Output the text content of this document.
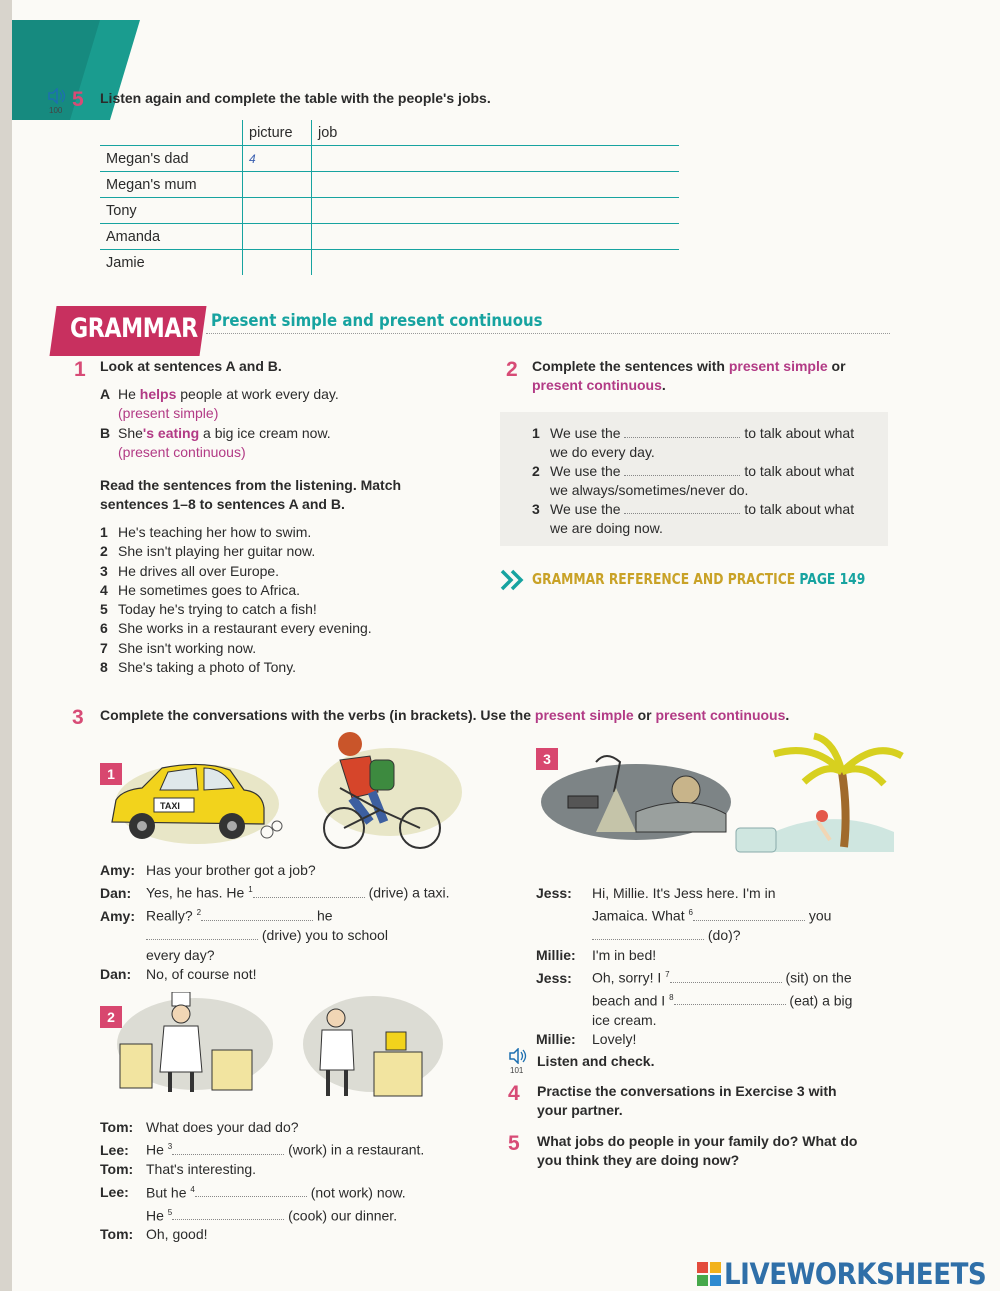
100 5 Listen again and complete the table with the people's jobs.
	picture	job
Megan's dad	4	
Megan's mum		
Tony		
Amanda		
Jamie		
GRAMMAR Present simple and present continuous
1 Look at sentences A and B.
A He helps people at work every day.
(present simple)
B She's eating a big ice cream now.
(present continuous)
Read the sentences from the listening. Match sentences 1–8 to sentences A and B.
1 He's teaching her how to swim.
2 She isn't playing her guitar now.
3 He drives all over Europe.
4 He sometimes goes to Africa.
5 Today he's trying to catch a fish!
6 She works in a restaurant every evening.
7 She isn't working now.
8 She's taking a photo of Tony.
2 Complete the sentences with present simple or
present continuous.
1 We use the	to talk about what
we do every day.
2 We use the	to talk about what
we always/sometimes/never do.
3 We use the	to talk about what
we are doing now.
GRAMMAR REFERENCE AND PRACTICE PAGE 149
3 Complete the conversations with the verbs (in brackets). Use the present simple or present continuous.
1
TAXI
Amy: Has your brother got a job?
Dan: Yes, he has. He $^1$	(drive) a taxi.
Amy: Really? $^2$	he
(drive) you to school
every day?
Dan: No, of course not!
2
Tom: What does your dad do?
Lee: He $^3$	(work) in a restaurant.
Tom: That's interesting.
Lee: But he $^4$	(not work) now.
He $^5$	(cook) our dinner.
Tom: Oh, good!
3
Jess: Hi, Millie. It's Jess here. I'm in
Jamaica. What $^6$	you
(do)?
Millie: I'm in bed!
Jess: Oh, sorry! I $^7$	(sit) on the
beach and I $^8$	(eat) a big
ice cream.
Millie: Lovely!
101
Listen and check.
4 Practise the conversations in Exercise 3 with your partner.
5 What jobs do people in your family do? What do you think they are doing now?
LIVEWORKSHEETS
